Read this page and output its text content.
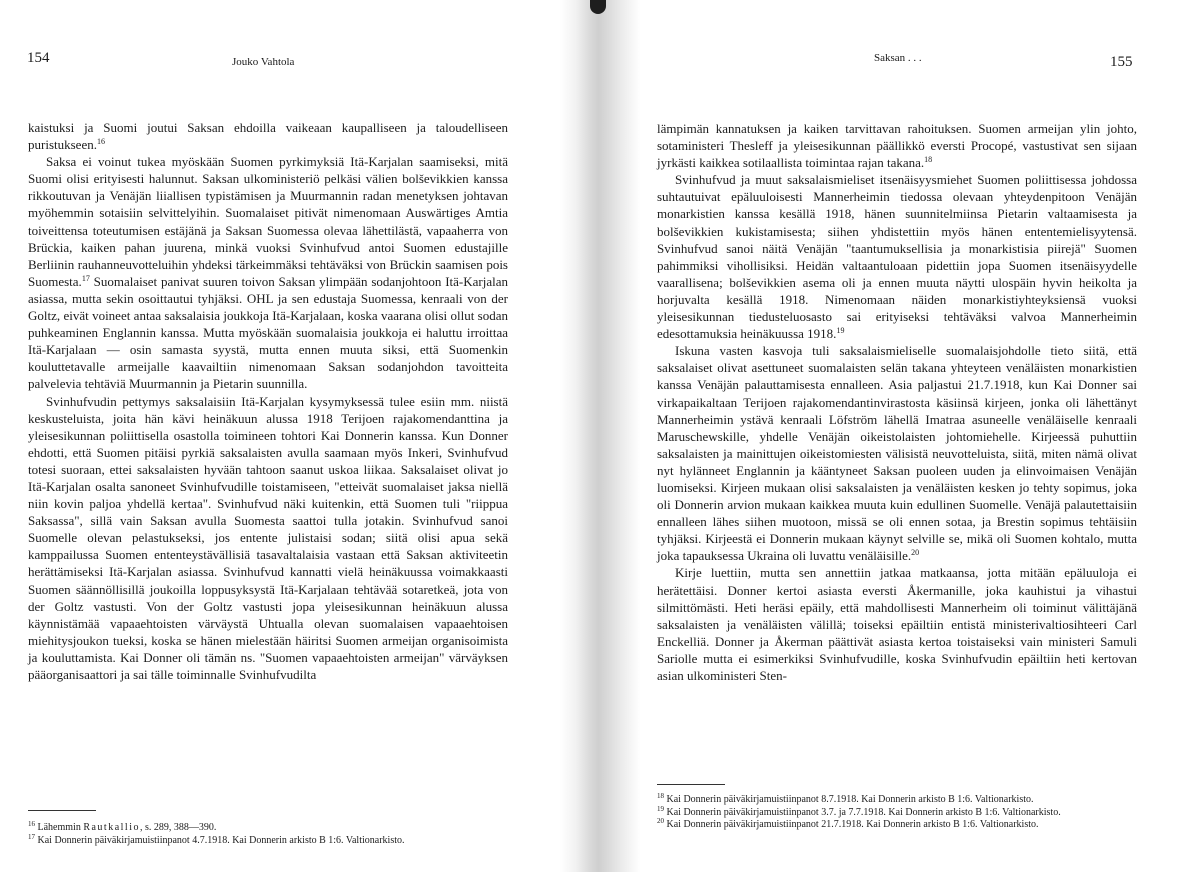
154	Jouko Vahtola

kaistuksi ja Suomi joutui Saksan ehdoilla vaikeaan kaupalliseen ja taloudelliseen puristukseen.$^{16}$

Saksa ei voinut tukea myöskään Suomen pyrkimyksiä Itä-Karjalan saamiseksi, mitä Suomi olisi erityisesti halunnut. Saksan ulkoministeriö pelkäsi välien bolševikkien kanssa rikkoutuvan ja Venäjän liiallisen typistämisen ja Muurmannin radan menetyksen johtavan myöhemmin sotaisiin selvittelyihin. Suomalaiset pitivät nimenomaan Auswärtiges Amtia toiveittensa toteutumisen estäjänä ja Saksan Suomessa olevaa lähettilästä, vapaaherra von Brückia, kaiken pahan juurena, minkä vuoksi Svinhufvud antoi Suomen edustajille Berliinin rauhanneuvotteluihin yhdeksi tärkeimmäksi tehtäväksi von Brückin saamisen pois Suomesta.$^{17}$ Suomalaiset panivat suuren toivon Saksan ylimpään sodanjohtoon Itä-Karjalan asiassa, mutta sekin osoittautui tyhjäksi. OHL ja sen edustaja Suomessa, kenraali von der Goltz, eivät voineet antaa saksalaisia joukkoja Itä-Karjalaan, koska vaarana olisi ollut sodan puhkeaminen Englannin kanssa. Mutta myöskään suomalaisia joukkoja ei haluttu irroittaa Itä-Karjalaan — osin samasta syystä, mutta ennen muuta siksi, että Suomenkin kouluttetavalle armeijalle kaavailtiin nimenomaan Saksan sodanjohdon tavoitteita palvelevia tehtäviä Muurmannin ja Pietarin suunnilla.

Svinhufvudin pettymys saksalaisiin Itä-Karjalan kysymyksessä tulee esiin mm. niistä keskusteluista, joita hän kävi heinäkuun alussa 1918 Terijoen rajakomendanttina ja yleisesikunnan poliittisella osastolla toimineen tohtori Kai Donnerin kanssa. Kun Donner ehdotti, että Suomen pitäisi pyrkiä saksalaisten avulla saamaan myös Inkeri, Svinhufvud totesi suoraan, ettei saksalaisten hyvään tahtoon saanut uskoa liikaa. Saksalaiset olivat jo Itä-Karjalan osalta sanoneet Svinhufvudille toistamiseen, "etteivät suomalaiset jaksa niellä niin kovin paljoa yhdellä kertaa". Svinhufvud näki kuitenkin, että Suomen tuli "riippua Saksassa", sillä vain Saksan avulla Suomesta saattoi tulla jotakin. Svinhufvud sanoi Suomelle olevan pelastukseksi, jos entente julistaisi sodan; siitä olisi apua sekä kamppailussa Suomen ententeystävällisiä tasavaltalaisia vastaan että Saksan aktiviteetin herättämiseksi Itä-Karjalan asiassa. Svinhufvud kannatti vielä heinäkuussa voimakkaasti Suomen säännöllisillä joukoilla loppusyksystä Itä-Karjalaan tehtävää sotaretkeä, jota von der Goltz vastusti. Von der Goltz vastusti jopa yleisesikunnan heinäkuun alussa käynnistämää vapaaehtoisten värväystä Uhtualla olevan suomalaisen vapaaehtoisen miehitysjoukon tueksi, koska se hänen mielestään häiritsi Suomen armeijan organisoimista ja kouluttamista. Kai Donner oli tämän ns. "Suomen vapaaehtoisten armeijan" värväyksen pääorganisaattori ja sai tälle toiminnalle Svinhufvudilta

$^{16}$ Lähemmin Rautkallio, s. 289, 388—390.

$^{17}$ Kai Donnerin päiväkirjamuistiinpanot 4.7.1918. Kai Donnerin arkisto B 1:6. Valtionarkisto.

Saksan . . .	155

lämpimän kannatuksen ja kaiken tarvittavan rahoituksen. Suomen armeijan ylin johto, sotaministeri Thesleff ja yleisesikunnan päällikkö eversti Procopé, vastustivat sen sijaan jyrkästi kaikkea sotilaallista toimintaa rajan takana.$^{18}$

Svinhufvud ja muut saksalaismieliset itsenäisyysmiehet Suomen poliittisessa johdossa suhtautuivat epäluuloisesti Mannerheimin tiedossa olevaan yhteydenpitoon Venäjän monarkistien kanssa kesällä 1918, hänen suunnitelmiinsa Pietarin valtaamisesta ja bolševikkien kukistamisesta; siihen yhdistettiin myös hänen ententemielisyytensä. Svinhufvud sanoi näitä Venäjän "taantumuksellisia ja monarkistisia piirejä" Suomen pahimmiksi vihollisiksi. Heidän valtaantuloaan pidettiin jopa Suomen itsenäisyydelle vaarallisena; bolševikkien asema oli ja ennen muuta näytti ulospäin hyvin heikolta ja horjuvalta kesällä 1918. Nimenomaan näiden monarkistiyhteyksiensä vuoksi yleisesikunnan tiedusteluosasto sai erityiseksi tehtäväksi valvoa Mannerheimin edesottamuksia heinäkuussa 1918.19

Iskuna vasten kasvoja tuli saksalaismieliselle suomalaisjohdolle tieto siitä, että saksalaiset olivat asettuneet suomalaisten selän takana yhteyteen venäläisten monarkistien kanssa Venäjän palauttamisesta ennalleen. Asia paljastui 21.7.1918, kun Kai Donner sai virkapaikaltaan Terijoen rajakomendantinvirastosta käsiinsä kirjeen, jonka oli lähettänyt Mannerheimin ystävä kenraali Löfström lähellä Imatraa asuneelle venäläiselle kenraali Maruschewskille, yhdelle Venäjän oikeistolaisten johtomiehelle. Kirjeessä puhuttiin saksalaisten ja mainittujen oikeistomiesten välisistä neuvotteluista, siitä, miten nämä olivat nyt hylänneet Englannin ja kääntyneet Saksan puoleen uuden ja elinvoimaisen Venäjän luomiseksi. Kirjeen mukaan olisi saksalaisten ja venäläisten kesken jo tehty sopimus, joka oli Donnerin arvion mukaan kaikkea muuta kuin edullinen Suomelle. Venäjä palautettaisiin ennalleen lähes siihen muotoon, missä se oli ennen sotaa, ja Brestin sopimus tehtäisiin tyhjäksi. Kirjeestä ei Donnerin mukaan käynyt selville se, mikä oli Suomen kohtalo, mutta joka tapauksessa Ukraina oli luvattu venäläisille.$^{20}$

Kirje luettiin, mutta sen annettiin jatkaa matkaansa, jotta mitään epäluuloja ei herätettäisi. Donner kertoi asiasta eversti Åkermanille, joka kauhistui ja vihastui silmittömästi. Heti heräsi epäily, että mahdollisesti Mannerheim oli toiminut välittäjänä saksalaisten ja venäläisten välillä; toiseksi epäiltiin entistä ministerivaltiosihteeri Carl Enckelliä. Donner ja Åkerman päättivät asiasta kertoa toistaiseksi vain ministeri Samuli Sariolle mutta ei esimerkiksi Svinhufvudille, koska Svinhufvudin epäiltiin heti kertovan asian ulkoministeri Sten-

$^{18}$ Kai Donnerin päiväkirjamuistiinpanot 8.7.1918. Kai Donnerin arkisto B 1:6. Valtionarkisto.

$^{19}$ Kai Donnerin päiväkirjamuistiinpanot 3.7. ja 7.7.1918. Kai Donnerin arkisto B 1:6. Valtionarkisto.

$^{20}$ Kai Donnerin päiväkirjamuistiinpanot 21.7.1918. Kai Donnerin arkisto B 1:6. Valtionarkisto.
